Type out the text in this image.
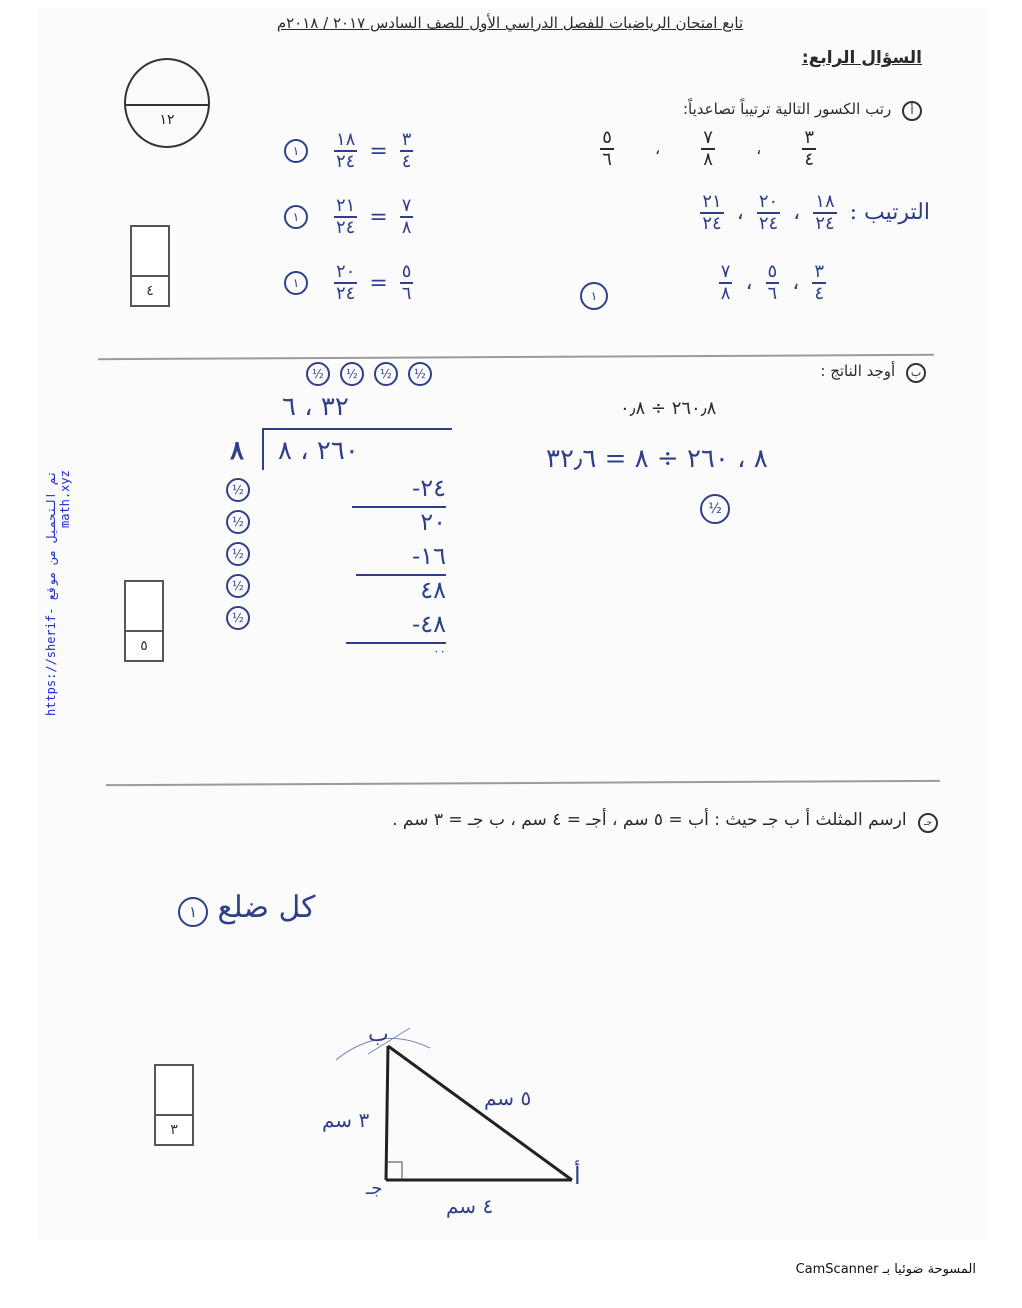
تابع امتحان الرياضيات للفصل الدراسي الأول للصف السادس ٢٠١٧ / ٢٠١٨م
السؤال الرابع:
١٢
تم التحميل من موقع https://sherif-math.xyz
أ رتب الكسور التالية ترتيباً تصاعدياً:
$\frac{٣}{٤}$
،
$\frac{٧}{٨}$
،
$\frac{٥}{٦}$
الترتيب :
$\frac{١٨}{٢٤}$
،
$\frac{٢٠}{٢٤}$
،
$\frac{٢١}{٢٤}$
$\frac{٣}{٤}$
،
$\frac{٥}{٦}$
،
$\frac{٧}{٨}$
١
١	$\frac{١٨}{٢٤} = \frac{٣}{٤}$
١	$\frac{٢١}{٢٤} = \frac{٧}{٨}$
١	$\frac{٢٠}{٢٤} = \frac{٥}{٦}$
٤
ب أوجد الناتج :
٢٦٠٫٨ ÷ ٠٫٨
٨ ، ٢٦٠ ÷ ٨ = ٣٢٫٦
½
½	½	½	½
٣٢ ، ٦
٨ ٢٦٠ ، ٨
٢٤-
٢٠
١٦-
٤٨
٤٨-
٠٠
½
½
½
½
½
٥
جـ ارسم المثلث أ ب جـ حيث : أب = ٥ سم ، أجـ = ٤ سم ، ب جـ = ٣ سم .
١ كل ضلع
ب
جـ	أ
٥ سم
٣ سم
٤ سم
٣
المسوحة ضوئيا بـ CamScanner
